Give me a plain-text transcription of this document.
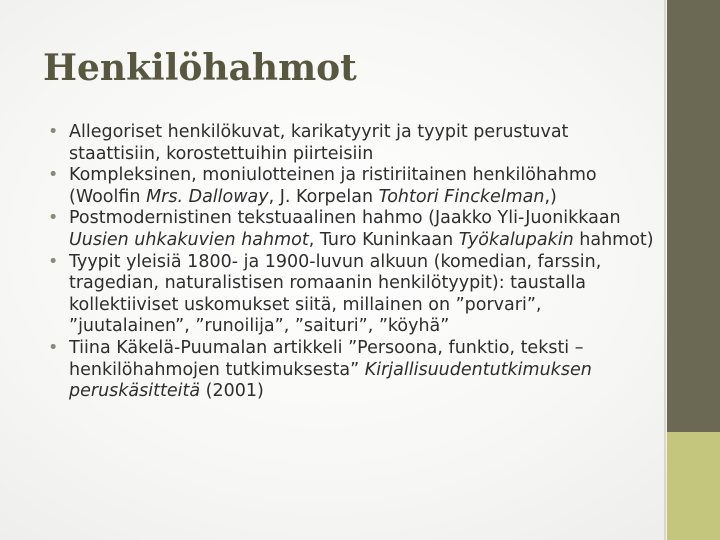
Henkilöhahmot
• Allegoriset henkilökuvat, karikatyyrit ja tyypit perustuvat staattisiin, korostettuihin piirteisiin
• Kompleksinen, moniulotteinen ja ristiriitainen henkilöhahmo (Woolfin Mrs. Dalloway, J. Korpelan Tohtori Finckelman,)
• Postmodernistinen tekstuaalinen hahmo (Jaakko Yli-Juonikkaan Uusien uhkakuvien hahmot, Turo Kuninkaan Työkalupakin hahmot)
• Tyypit yleisiä 1800- ja 1900-luvun alkuun (komedian, farssin, tragedian, naturalistisen romaanin henkilötyypit): taustalla kollektiiviset uskomukset siitä, millainen on ”porvari”, ”juutalainen”, ”runoilija”, ”saituri”, ”köyhä”
• Tiina Käkelä-Puumalan artikkeli ”Persoona, funktio, teksti – henkilöhahmojen tutkimuksesta” Kirjallisuudentutkimuksen peruskäsitteitä (2001)
